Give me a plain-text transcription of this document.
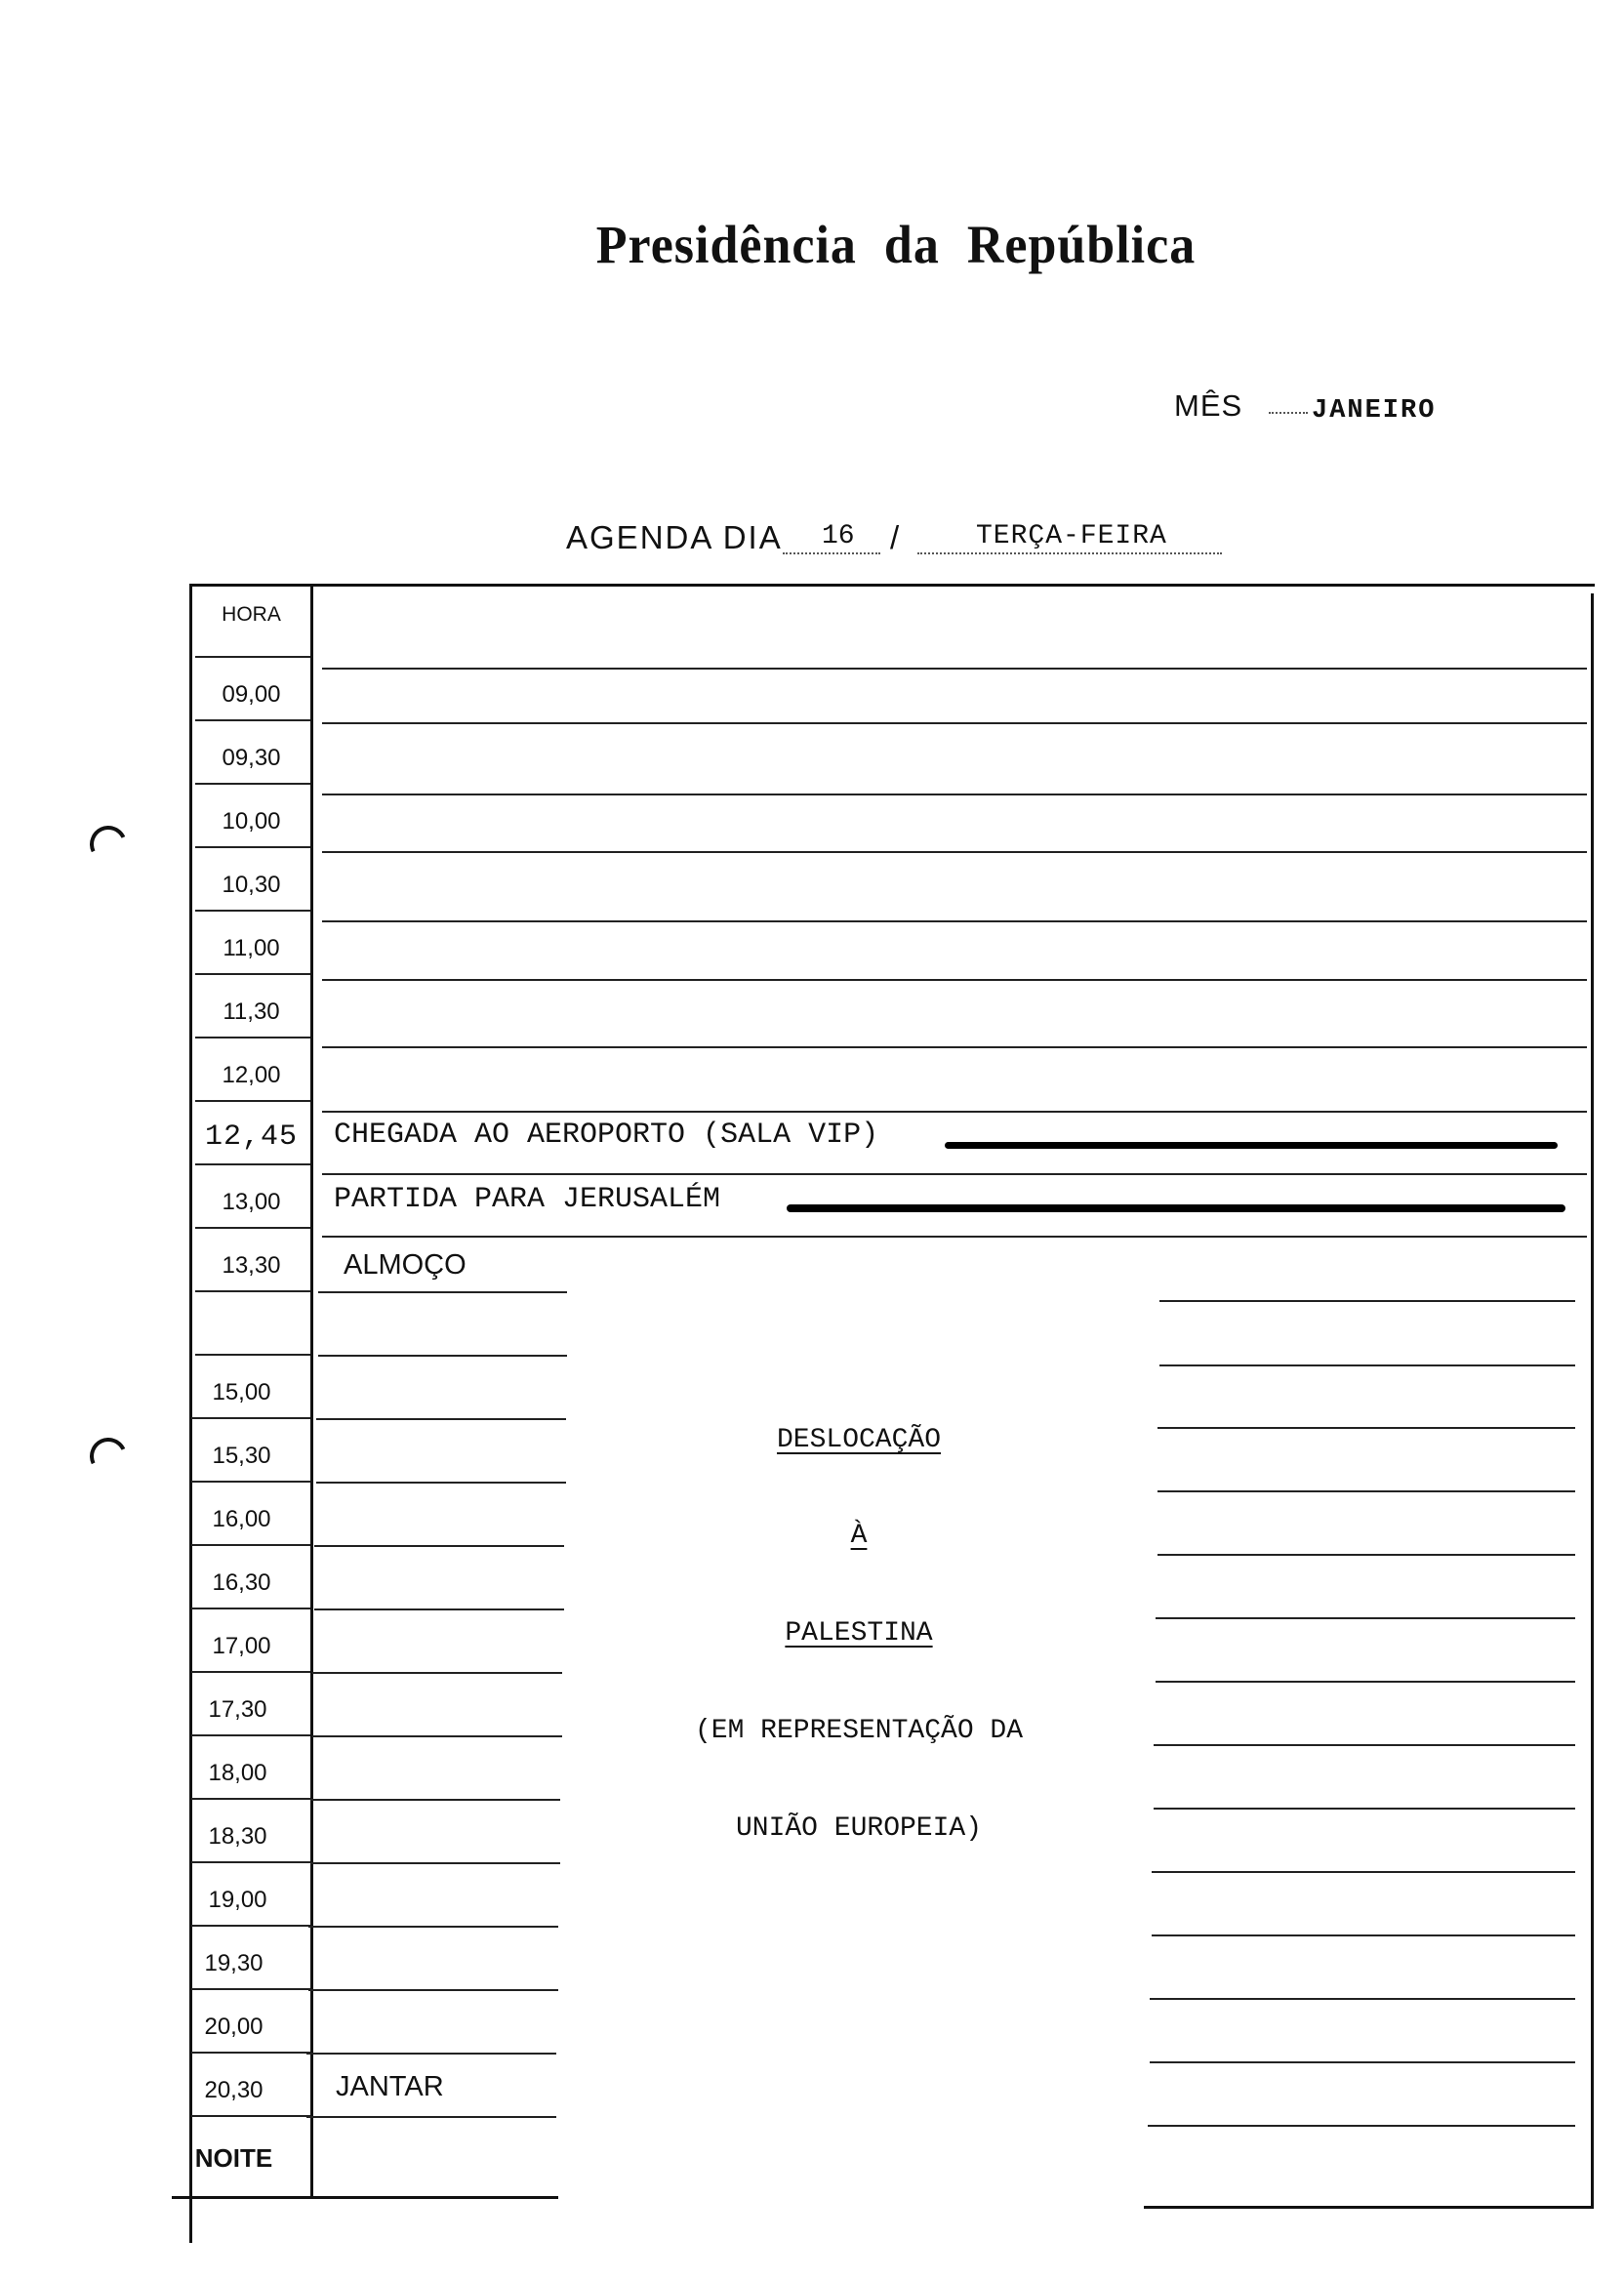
Presidência da República
MÊS	JANEIRO
AGENDA DIA 16 /	TERÇA-FEIRA
HORA
09,00
09,30
10,00
10,30
11,00
11,30
12,00
12,45
13,00
13,30
15,00
15,30
16,00
16,30
17,00
17,30
18,00
18,30
19,00
19,30
20,00
20,30
NOITE
CHEGADA AO AEROPORTO (SALA VIP)
PARTIDA PARA JERUSALÉM
ALMOÇO
JANTAR
DESLOCAÇÃO
À
PALESTINA
(EM REPRESENTAÇÃO DA
UNIÃO EUROPEIA)
